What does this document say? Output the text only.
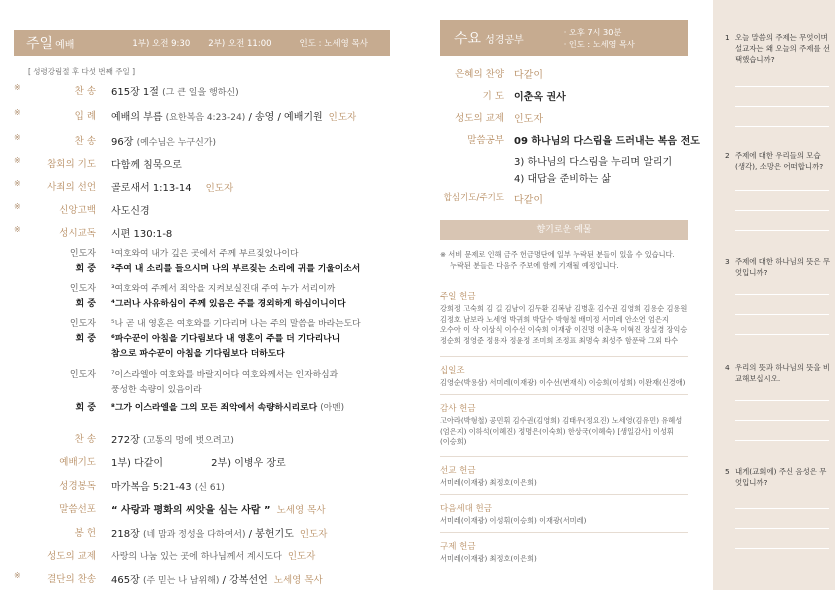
주일 예배	1부) 오전 9:30 2부) 오전 11:00	인도 : 노세영 목사
[ 성령강림절 후 다섯 번째 주일 ]
※	찬 송 615장 1절 (그 큰 일을 행하신)
※	입 례 예배의 부름 (요한복음 4:23-24) / 송영 / 예배기원 인도자
※	찬 송 96장 (예수님은 누구신가)
※	참회의 기도 다함께 침묵으로
※	사죄의 선언 골로새서 1:13-14 인도자
※	신앙고백 사도신경
※	성시교독 시편 130:1-8
인도자 ¹여호와여 내가 깊은 곳에서 주께 부르짖었나이다
회 중 ²주여 내 소리를 들으시며 나의 부르짖는 소리에 귀를 기울이소서
인도자 ³여호와여 주께서 죄악을 지켜보실진대 주여 누가 서리이까
회 중 ⁴그러나 사유하심이 주께 있음은 주를 경외하게 하심이니이다
인도자 ⁵나 곧 내 영혼은 여호와를 기다리며 나는 주의 말씀을 바라는도다
회 중 ⁶파수꾼이 아침을 기다림보다 내 영혼이 주를 더 기다리나니
참으로 파수꾼이 아침을 기다림보다 더하도다
인도자 ⁷이스라엘아 여호와를 바랄지어다 여호와께서는 인자하심과
풍성한 속량이 있음이라
회 중 ⁸그가 이스라엘을 그의 모든 죄악에서 속량하시리로다 (아멘)
찬 송 272장 (고통의 멍에 벗으려고)
예배기도 1부) 다같이	2부) 이병우 장로
성경봉독 마가복음 5:21-43 (신 61)
말씀선포 “ 사랑과 평화의 씨앗을 심는 사람 ” 노세영 목사
봉 헌 218장 (네 맘과 정성을 다하여서) / 봉헌기도 인도자
성도의 교제 사랑의 나눔 있는 곳에 하나님께서 계시도다 인도자
※	결단의 찬송 465장 (주 믿는 나 남위해) / 강복선언 노세영 목사
수요 성경공부
· 오후 7시 30분
· 인도 : 노세영 목사
은혜의 찬양 다같이
기 도 이춘옥 권사
성도의 교제 인도자
말씀공부 09 하나님의 다스림을 드러내는 복음 전도
3) 하나님의 다스림을 누리며 알리기
4) 대답을 준비하는 삶
합심기도/주기도 다같이
향기로운 예물
※ 서비 문제로 인해 금주 헌금명단에 일부 누락된 분들이 있을 수 있습니다.
누락된 분들은 다음주 주보에 함께 기재될 예정입니다.
주일 헌금
강희정 고숙희 김 길 김남이 김두환 김복남 김병훈 김수권 김영희 김용순 김용원 김정호 남보라 노세영 박귀희 박달수 박형철 배미정 서미레 안소연 엄은지 오수아 이 삭 이상식 이수선 이숙희 이재광 이진명 이춘옥 이혁진 장실경 장익승 정순희 정영준 정용자 정윤정 조미희 조정표 최명숙 최성주 함푼락 그외 타수
십일조
김영순(박용삼) 서미레(이재광) 이수선(변재식) 이승희(이성희) 이완재(신경애)
감사 헌금
고아라(박형철) 공민휘 김수권(김영희) 김태우(정요진) 노세영(김유민) 유혜성(엄은지) 이하석(이혜진) 정명은(이숙희) 한상국(이혜숙) [생일감사] 이성휘(이승희)
선교 헌금
서미레(이재광) 최정호(이은희)
다음세대 헌금
서미레(이재광) 이성휘(이승희) 이재광(서미레)
구제 헌금
서미레(이재광) 최정호(이은희)
1 오늘 말씀의 주제는 무엇이며 설교자는 왜 오늘의 주제를 선택했습니까?
2 주제에 대한 우리들의 모습 (생각), 소망은 어떠합니까?
3 주제에 대한 하나님의 뜻은 무엇입니까?
4 우리의 뜻과 하나님의 뜻을 비교해보십시오.
5 내게(교회에) 주신 음성은 무엇입니까?
